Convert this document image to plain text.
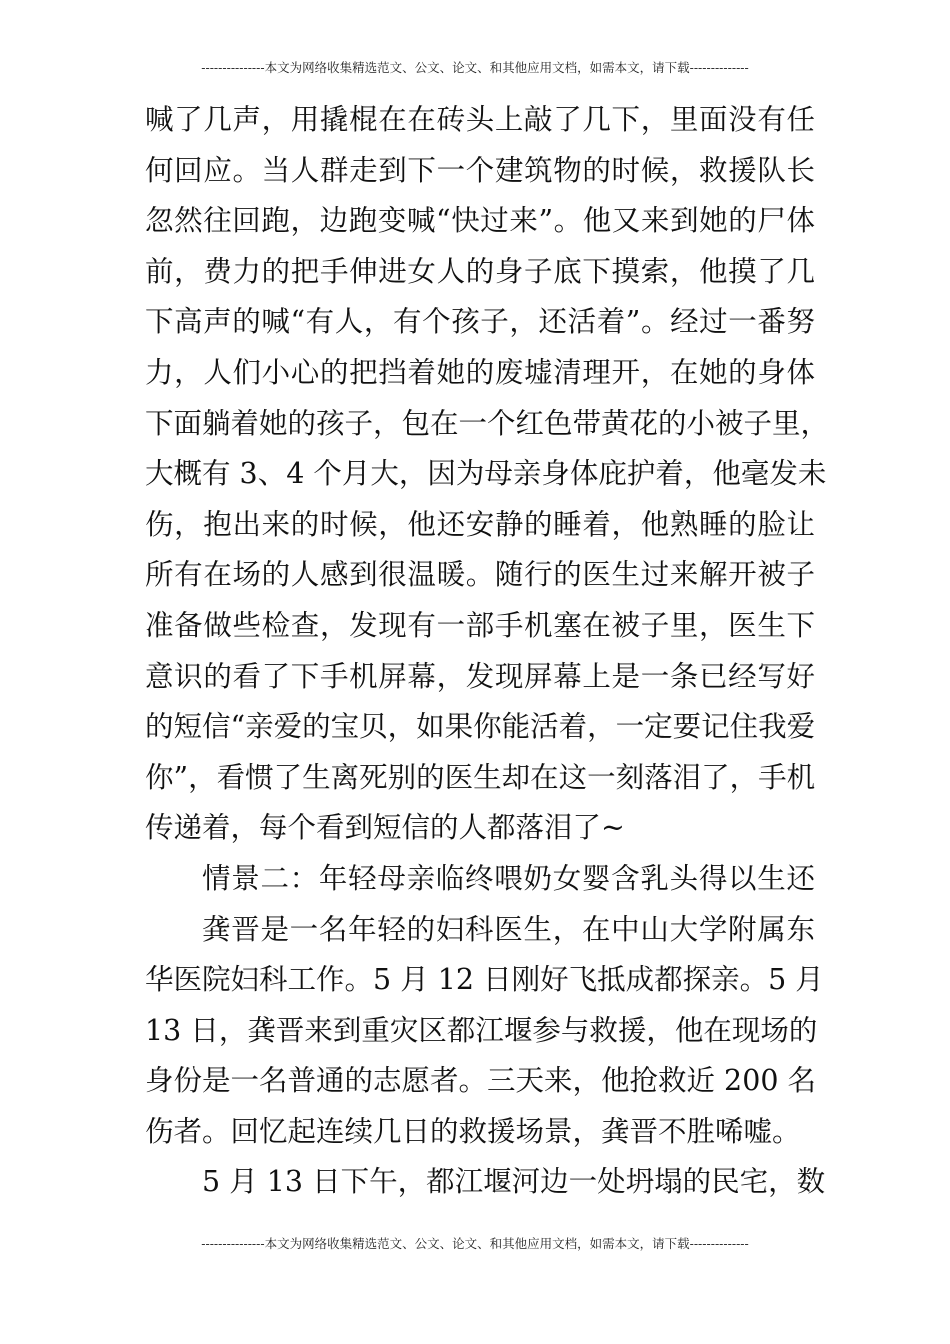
---------------本文为网络收集精选范文、公文、论文、和其他应用文档，如需本文，请下载--------------
喊了几声，用撬棍在在砖头上敲了几下，里面没有任
何回应。当人群走到下一个建筑物的时候，救援队长
忽然往回跑，边跑变喊“快过来”。他又来到她的尸体
前，费力的把手伸进女人的身子底下摸索，他摸了几
下高声的喊“有人，有个孩子，还活着”。经过一番努
力，人们小心的把挡着她的废墟清理开，在她的身体
下面躺着她的孩子，包在一个红色带黄花的小被子里，
大概有 3、4 个月大，因为母亲身体庇护着，他毫发未
伤，抱出来的时候，他还安静的睡着，他熟睡的脸让
所有在场的人感到很温暖。随行的医生过来解开被子
准备做些检查，发现有一部手机塞在被子里，医生下
意识的看了下手机屏幕，发现屏幕上是一条已经写好
的短信“亲爱的宝贝，如果你能活着，一定要记住我爱
你”，看惯了生离死别的医生却在这一刻落泪了，手机
传递着，每个看到短信的人都落泪了~
情景二：年轻母亲临终喂奶女婴含乳头得以生还
龚晋是一名年轻的妇科医生，在中山大学附属东
华医院妇科工作。5 月 12 日刚好飞抵成都探亲。5 月
13 日，龚晋来到重灾区都江堰参与救援，他在现场的
身份是一名普通的志愿者。三天来，他抢救近 200 名
伤者。回忆起连续几日的救援场景，龚晋不胜唏嘘。
5 月 13 日下午，都江堰河边一处坍塌的民宅，数
---------------本文为网络收集精选范文、公文、论文、和其他应用文档，如需本文，请下载--------------
